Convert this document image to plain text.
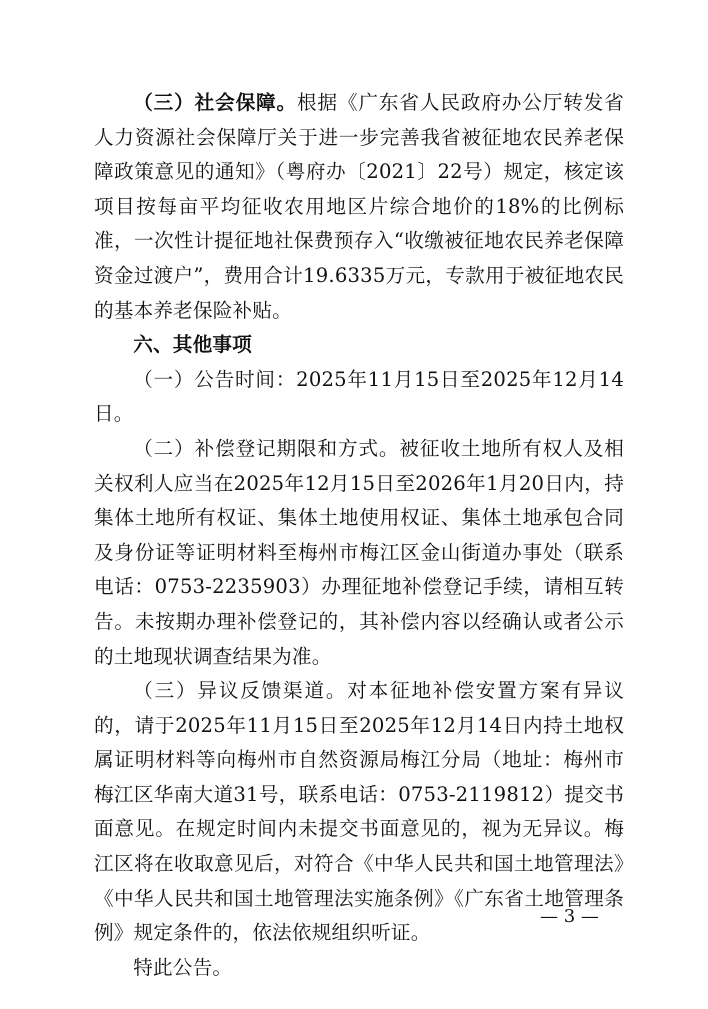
（三）社会保障。根据《广东省人民政府办公厅转发省人力资源社会保障厅关于进一步完善我省被征地农民养老保障政策意见的通知》（粤府办〔2021〕22号）规定，核定该项目按每亩平均征收农用地区片综合地价的18%的比例标准，一次性计提征地社保费预存入“收缴被征地农民养老保障资金过渡户”，费用合计19.6335万元，专款用于被征地农民的基本养老保险补贴。

六、其他事项

（一）公告时间：2025年11月15日至2025年12月14日。

（二）补偿登记期限和方式。被征收土地所有权人及相关权利人应当在2025年12月15日至2026年1月20日内，持集体土地所有权证、集体土地使用权证、集体土地承包合同及身份证等证明材料至梅州市梅江区金山街道办事处（联系电话：0753-2235903）办理征地补偿登记手续，请相互转告。未按期办理补偿登记的，其补偿内容以经确认或者公示的土地现状调查结果为准。

（三）异议反馈渠道。对本征地补偿安置方案有异议的，请于2025年11月15日至2025年12月14日内持土地权属证明材料等向梅州市自然资源局梅江分局（地址：梅州市梅江区华南大道31号，联系电话：0753-2119812）提交书面意见。在规定时间内未提交书面意见的，视为无异议。梅江区将在收取意见后，对符合《中华人民共和国土地管理法》《中华人民共和国土地管理法实施条例》《广东省土地管理条例》规定条件的，依法依规组织听证。

特此公告。

— 3 —
